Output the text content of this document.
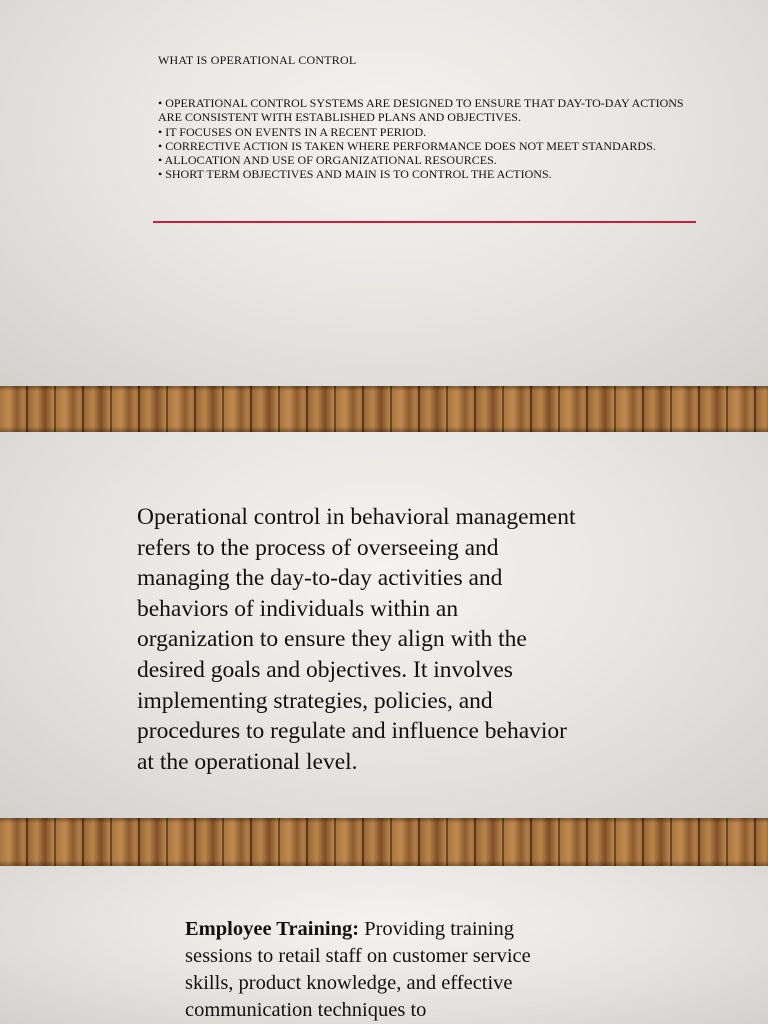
WHAT IS OPERATIONAL CONTROL
• OPERATIONAL CONTROL SYSTEMS ARE DESIGNED TO ENSURE THAT DAY-TO-DAY ACTIONS
ARE CONSISTENT WITH ESTABLISHED PLANS AND OBJECTIVES.
• IT FOCUSES ON EVENTS IN A RECENT PERIOD.
• CORRECTIVE ACTION IS TAKEN WHERE PERFORMANCE DOES NOT MEET STANDARDS.
• ALLOCATION AND USE OF ORGANIZATIONAL RESOURCES.
• SHORT TERM OBJECTIVES AND MAIN IS TO CONTROL THE ACTIONS.
Operational control in behavioral management refers to the process of overseeing and managing the day-to-day activities and behaviors of individuals within an organization to ensure they align with the desired goals and objectives. It involves implementing strategies, policies, and procedures to regulate and influence behavior at the operational level.
Employee Training: Providing training sessions to retail staff on customer service skills, product knowledge, and effective communication techniques to
